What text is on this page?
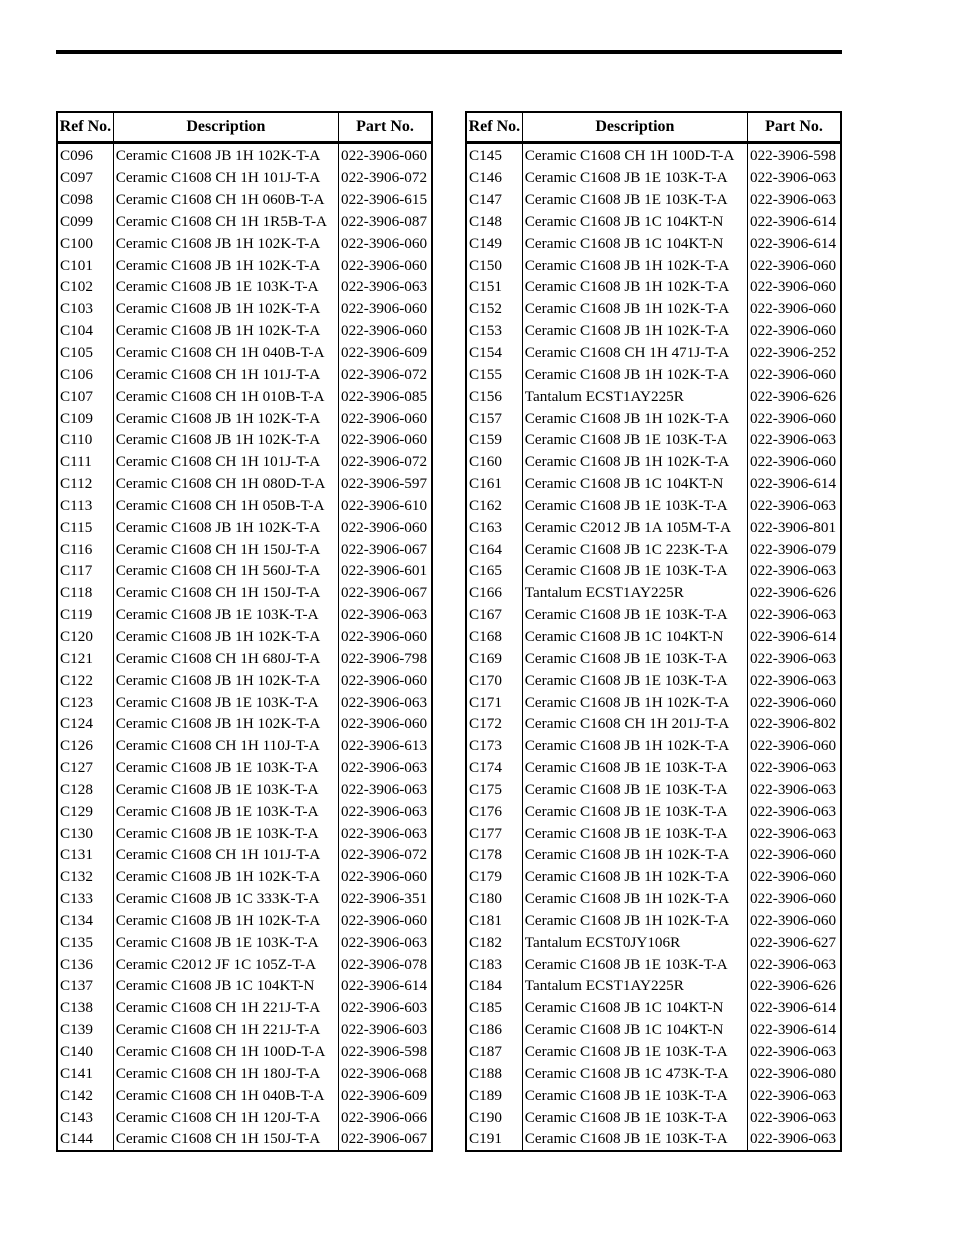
Ref No.	Description	Part No.
C096	Ceramic C1608 JB 1H 102K-T-A	022-3906-060
C097	Ceramic C1608 CH 1H 101J-T-A	022-3906-072
C098	Ceramic C1608 CH 1H 060B-T-A	022-3906-615
C099	Ceramic C1608 CH 1H 1R5B-T-A	022-3906-087
C100	Ceramic C1608 JB 1H 102K-T-A	022-3906-060
C101	Ceramic C1608 JB 1H 102K-T-A	022-3906-060
C102	Ceramic C1608 JB 1E 103K-T-A	022-3906-063
C103	Ceramic C1608 JB 1H 102K-T-A	022-3906-060
C104	Ceramic C1608 JB 1H 102K-T-A	022-3906-060
C105	Ceramic C1608 CH 1H 040B-T-A	022-3906-609
C106	Ceramic C1608 CH 1H 101J-T-A	022-3906-072
C107	Ceramic C1608 CH 1H 010B-T-A	022-3906-085
C109	Ceramic C1608 JB 1H 102K-T-A	022-3906-060
C110	Ceramic C1608 JB 1H 102K-T-A	022-3906-060
C111	Ceramic C1608 CH 1H 101J-T-A	022-3906-072
C112	Ceramic C1608 CH 1H 080D-T-A	022-3906-597
C113	Ceramic C1608 CH 1H 050B-T-A	022-3906-610
C115	Ceramic C1608 JB 1H 102K-T-A	022-3906-060
C116	Ceramic C1608 CH 1H 150J-T-A	022-3906-067
C117	Ceramic C1608 CH 1H 560J-T-A	022-3906-601
C118	Ceramic C1608 CH 1H 150J-T-A	022-3906-067
C119	Ceramic C1608 JB 1E 103K-T-A	022-3906-063
C120	Ceramic C1608 JB 1H 102K-T-A	022-3906-060
C121	Ceramic C1608 CH 1H 680J-T-A	022-3906-798
C122	Ceramic C1608 JB 1H 102K-T-A	022-3906-060
C123	Ceramic C1608 JB 1E 103K-T-A	022-3906-063
C124	Ceramic C1608 JB 1H 102K-T-A	022-3906-060
C126	Ceramic C1608 CH 1H 110J-T-A	022-3906-613
C127	Ceramic C1608 JB 1E 103K-T-A	022-3906-063
C128	Ceramic C1608 JB 1E 103K-T-A	022-3906-063
C129	Ceramic C1608 JB 1E 103K-T-A	022-3906-063
C130	Ceramic C1608 JB 1E 103K-T-A	022-3906-063
C131	Ceramic C1608 CH 1H 101J-T-A	022-3906-072
C132	Ceramic C1608 JB 1H 102K-T-A	022-3906-060
C133	Ceramic C1608 JB 1C 333K-T-A	022-3906-351
C134	Ceramic C1608 JB 1H 102K-T-A	022-3906-060
C135	Ceramic C1608 JB 1E 103K-T-A	022-3906-063
C136	Ceramic C2012 JF 1C 105Z-T-A	022-3906-078
C137	Ceramic C1608 JB 1C 104KT-N	022-3906-614
C138	Ceramic C1608 CH 1H 221J-T-A	022-3906-603
C139	Ceramic C1608 CH 1H 221J-T-A	022-3906-603
C140	Ceramic C1608 CH 1H 100D-T-A	022-3906-598
C141	Ceramic C1608 CH 1H 180J-T-A	022-3906-068
C142	Ceramic C1608 CH 1H 040B-T-A	022-3906-609
C143	Ceramic C1608 CH 1H 120J-T-A	022-3906-066
C144	Ceramic C1608 CH 1H 150J-T-A	022-3906-067
Ref No.	Description	Part No.
C145	Ceramic C1608 CH 1H 100D-T-A	022-3906-598
C146	Ceramic C1608 JB 1E 103K-T-A	022-3906-063
C147	Ceramic C1608 JB 1E 103K-T-A	022-3906-063
C148	Ceramic C1608 JB 1C 104KT-N	022-3906-614
C149	Ceramic C1608 JB 1C 104KT-N	022-3906-614
C150	Ceramic C1608 JB 1H 102K-T-A	022-3906-060
C151	Ceramic C1608 JB 1H 102K-T-A	022-3906-060
C152	Ceramic C1608 JB 1H 102K-T-A	022-3906-060
C153	Ceramic C1608 JB 1H 102K-T-A	022-3906-060
C154	Ceramic C1608 CH 1H 471J-T-A	022-3906-252
C155	Ceramic C1608 JB 1H 102K-T-A	022-3906-060
C156	Tantalum ECST1AY225R	022-3906-626
C157	Ceramic C1608 JB 1H 102K-T-A	022-3906-060
C159	Ceramic C1608 JB 1E 103K-T-A	022-3906-063
C160	Ceramic C1608 JB 1H 102K-T-A	022-3906-060
C161	Ceramic C1608 JB 1C 104KT-N	022-3906-614
C162	Ceramic C1608 JB 1E 103K-T-A	022-3906-063
C163	Ceramic C2012 JB 1A 105M-T-A	022-3906-801
C164	Ceramic C1608 JB 1C 223K-T-A	022-3906-079
C165	Ceramic C1608 JB 1E 103K-T-A	022-3906-063
C166	Tantalum ECST1AY225R	022-3906-626
C167	Ceramic C1608 JB 1E 103K-T-A	022-3906-063
C168	Ceramic C1608 JB 1C 104KT-N	022-3906-614
C169	Ceramic C1608 JB 1E 103K-T-A	022-3906-063
C170	Ceramic C1608 JB 1E 103K-T-A	022-3906-063
C171	Ceramic C1608 JB 1H 102K-T-A	022-3906-060
C172	Ceramic C1608 CH 1H 201J-T-A	022-3906-802
C173	Ceramic C1608 JB 1H 102K-T-A	022-3906-060
C174	Ceramic C1608 JB 1E 103K-T-A	022-3906-063
C175	Ceramic C1608 JB 1E 103K-T-A	022-3906-063
C176	Ceramic C1608 JB 1E 103K-T-A	022-3906-063
C177	Ceramic C1608 JB 1E 103K-T-A	022-3906-063
C178	Ceramic C1608 JB 1H 102K-T-A	022-3906-060
C179	Ceramic C1608 JB 1H 102K-T-A	022-3906-060
C180	Ceramic C1608 JB 1H 102K-T-A	022-3906-060
C181	Ceramic C1608 JB 1H 102K-T-A	022-3906-060
C182	Tantalum ECST0JY106R	022-3906-627
C183	Ceramic C1608 JB 1E 103K-T-A	022-3906-063
C184	Tantalum ECST1AY225R	022-3906-626
C185	Ceramic C1608 JB 1C 104KT-N	022-3906-614
C186	Ceramic C1608 JB 1C 104KT-N	022-3906-614
C187	Ceramic C1608 JB 1E 103K-T-A	022-3906-063
C188	Ceramic C1608 JB 1C 473K-T-A	022-3906-080
C189	Ceramic C1608 JB 1E 103K-T-A	022-3906-063
C190	Ceramic C1608 JB 1E 103K-T-A	022-3906-063
C191	Ceramic C1608 JB 1E 103K-T-A	022-3906-063
